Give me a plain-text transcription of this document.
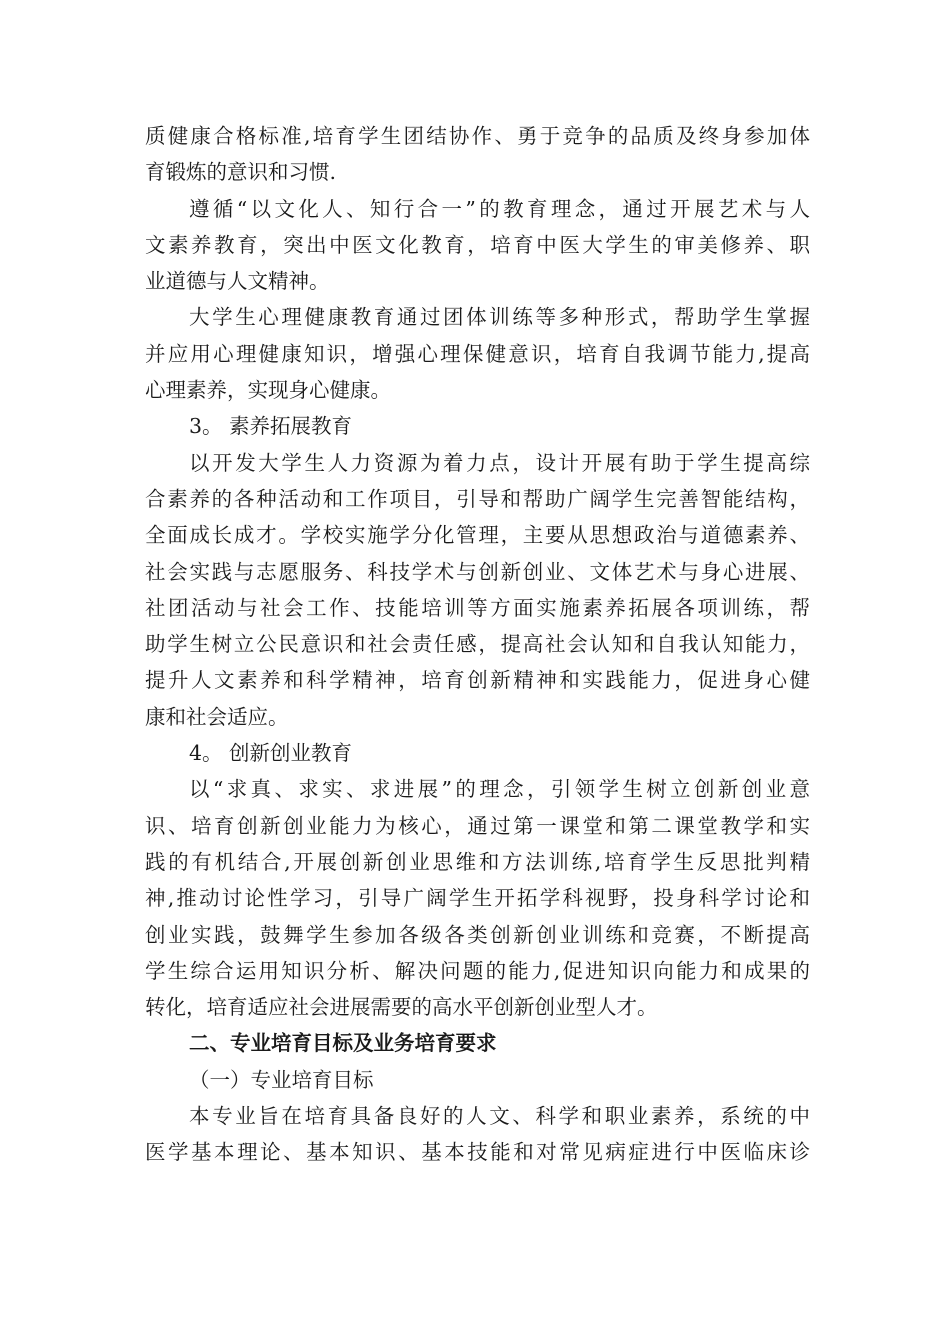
质健康合格标准,培育学生团结协作、勇于竞争的品质及终身参加体
育锻炼的意识和习惯.
遵循“以文化人、知行合一”的教育理念，通过开展艺术与人
文素养教育，突出中医文化教育，培育中医大学生的审美修养、职
业道德与人文精神。
大学生心理健康教育通过团体训练等多种形式，帮助学生掌握
并应用心理健康知识，增强心理保健意识，培育自我调节能力,提高
心理素养，实现身心健康。
3。 素养拓展教育
以开发大学生人力资源为着力点，设计开展有助于学生提高综
合素养的各种活动和工作项目，引导和帮助广阔学生完善智能结构，
全面成长成才。学校实施学分化管理，主要从思想政治与道德素养、
社会实践与志愿服务、科技学术与创新创业、文体艺术与身心进展、
社团活动与社会工作、技能培训等方面实施素养拓展各项训练，帮
助学生树立公民意识和社会责任感，提高社会认知和自我认知能力，
提升人文素养和科学精神，培育创新精神和实践能力，促进身心健
康和社会适应。
4。 创新创业教育
以“求真、求实、求进展”的理念，引领学生树立创新创业意
识、培育创新创业能力为核心，通过第一课堂和第二课堂教学和实
践的有机结合,开展创新创业思维和方法训练,培育学生反思批判精
神,推动讨论性学习，引导广阔学生开拓学科视野，投身科学讨论和
创业实践，鼓舞学生参加各级各类创新创业训练和竞赛，不断提高
学生综合运用知识分析、解决问题的能力,促进知识向能力和成果的
转化，培育适应社会进展需要的高水平创新创业型人才。
二、专业培育目标及业务培育要求
（一）专业培育目标
本专业旨在培育具备良好的人文、科学和职业素养，系统的中
医学基本理论、基本知识、基本技能和对常见病症进行中医临床诊
